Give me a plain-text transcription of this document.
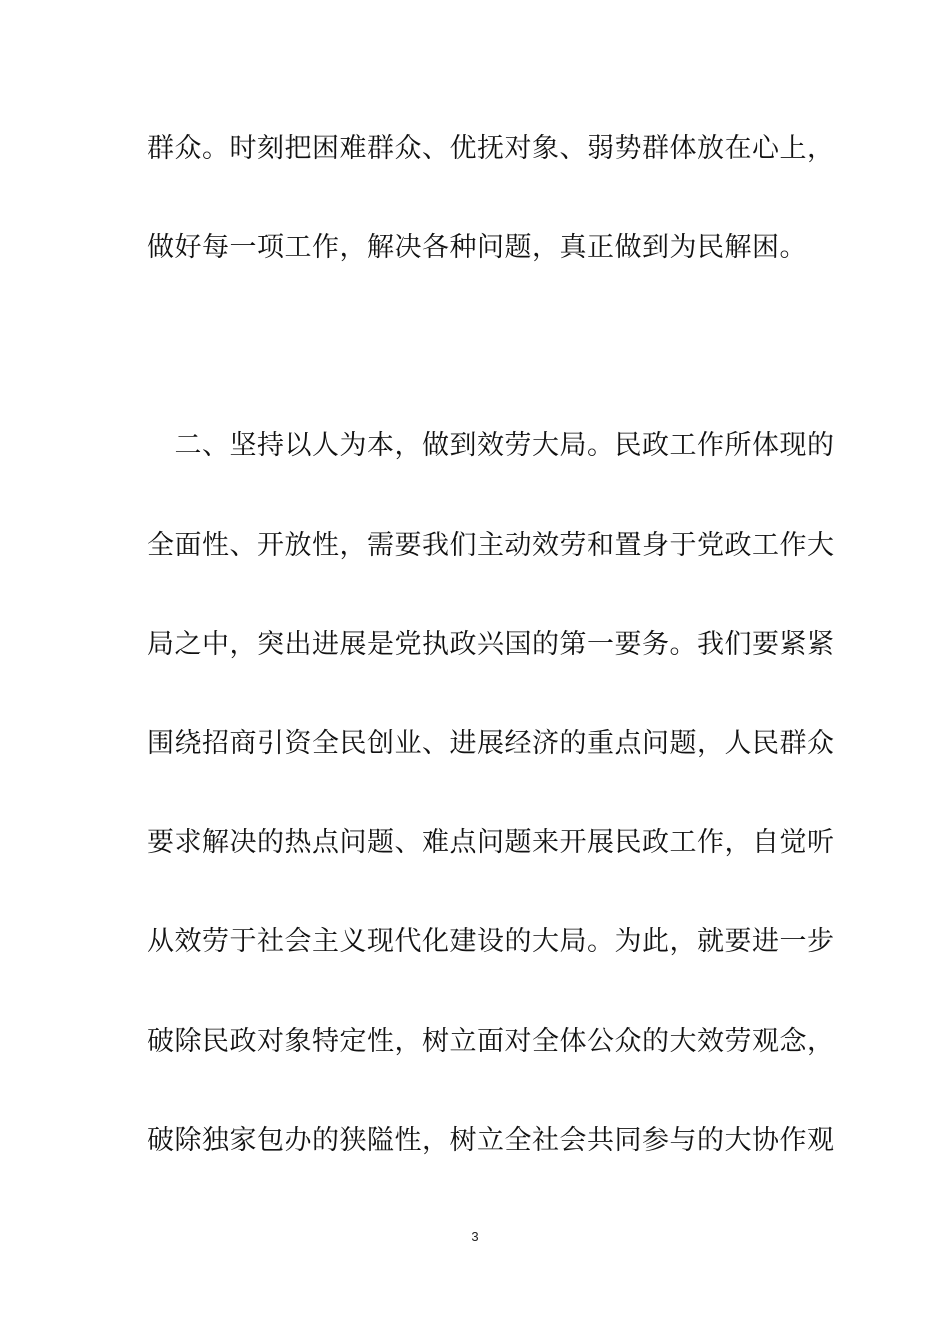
群众。时刻把困难群众、优抚对象、弱势群体放在心上，
做好每一项工作，解决各种问题，真正做到为民解困。
　二、坚持以人为本，做到效劳大局。民政工作所体现的
全面性、开放性，需要我们主动效劳和置身于党政工作大
局之中，突出进展是党执政兴国的第一要务。我们要紧紧
围绕招商引资全民创业、进展经济的重点问题，人民群众
要求解决的热点问题、难点问题来开展民政工作，自觉听
从效劳于社会主义现代化建设的大局。为此，就要进一步
破除民政对象特定性，树立面对全体公众的大效劳观念，
破除独家包办的狭隘性，树立全社会共同参与的大协作观
3
